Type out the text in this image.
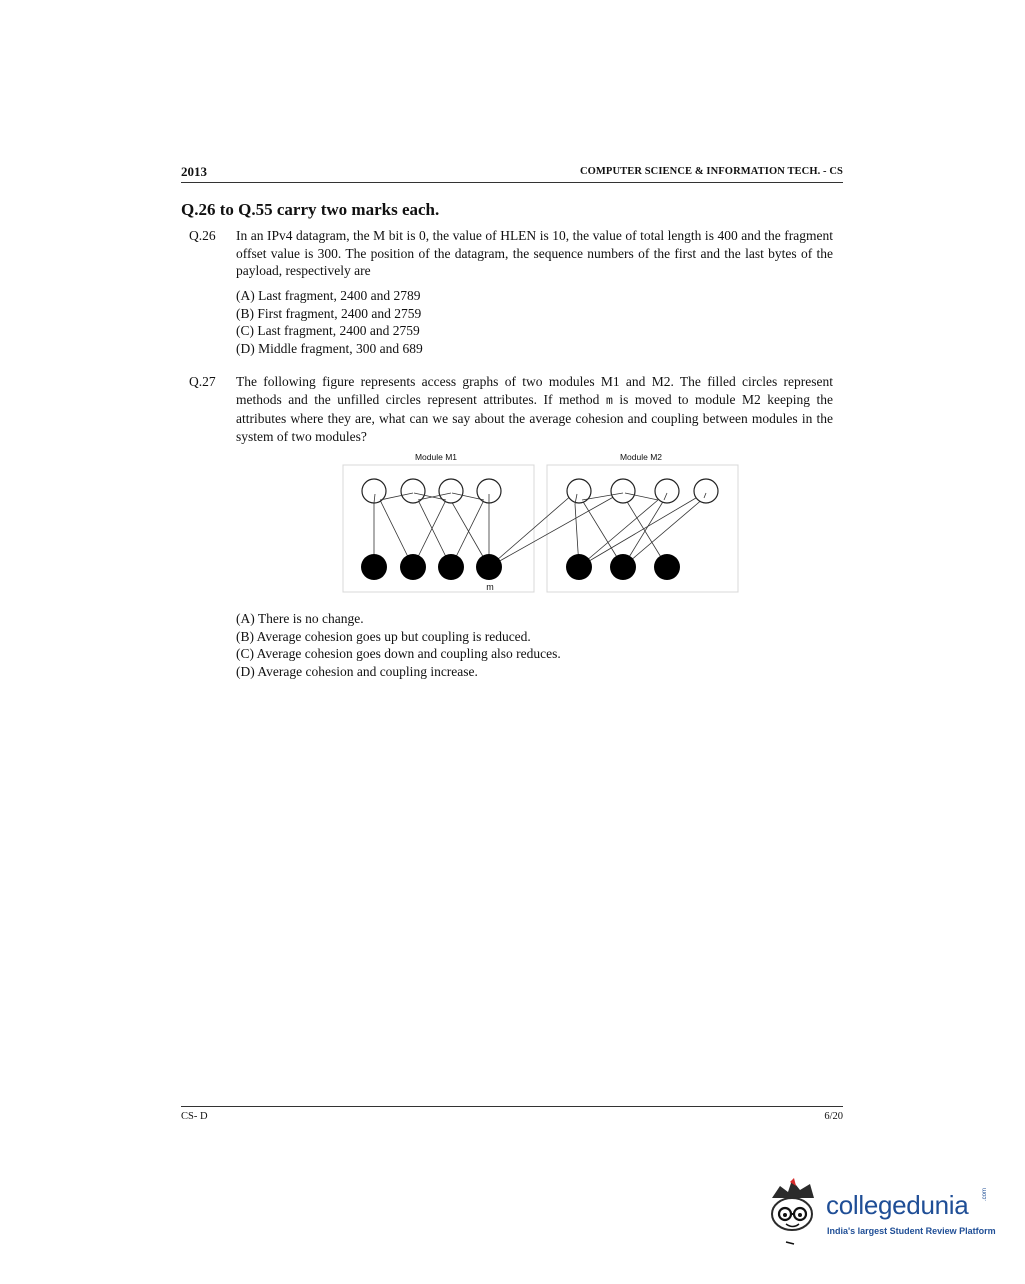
2013	COMPUTER SCIENCE & INFORMATION TECH. - CS
Q.26 to Q.55 carry two marks each.
Q.26 In an IPv4 datagram, the M bit is 0, the value of HLEN is 10, the value of total length is 400 and the fragment offset value is 300. The position of the datagram, the sequence numbers of the first and the last bytes of the payload, respectively are

(A) Last fragment, 2400 and 2789
(B) First fragment, 2400 and 2759
(C) Last fragment, 2400 and 2759
(D) Middle fragment, 300 and 689
Q.27 The following figure represents access graphs of two modules M1 and M2. The filled circles represent methods and the unfilled circles represent attributes. If method m is moved to module M2 keeping the attributes where they are, what can we say about the average cohesion and coupling between modules in the system of two modules?

Module M1	Module M2
m
(A) There is no change.
(B) Average cohesion goes up but coupling is reduced.
(C) Average cohesion goes down and coupling also reduces.
(D) Average cohesion and coupling increase.
CS- D	6/20
collegedunia .com
India's largest Student Review Platform
